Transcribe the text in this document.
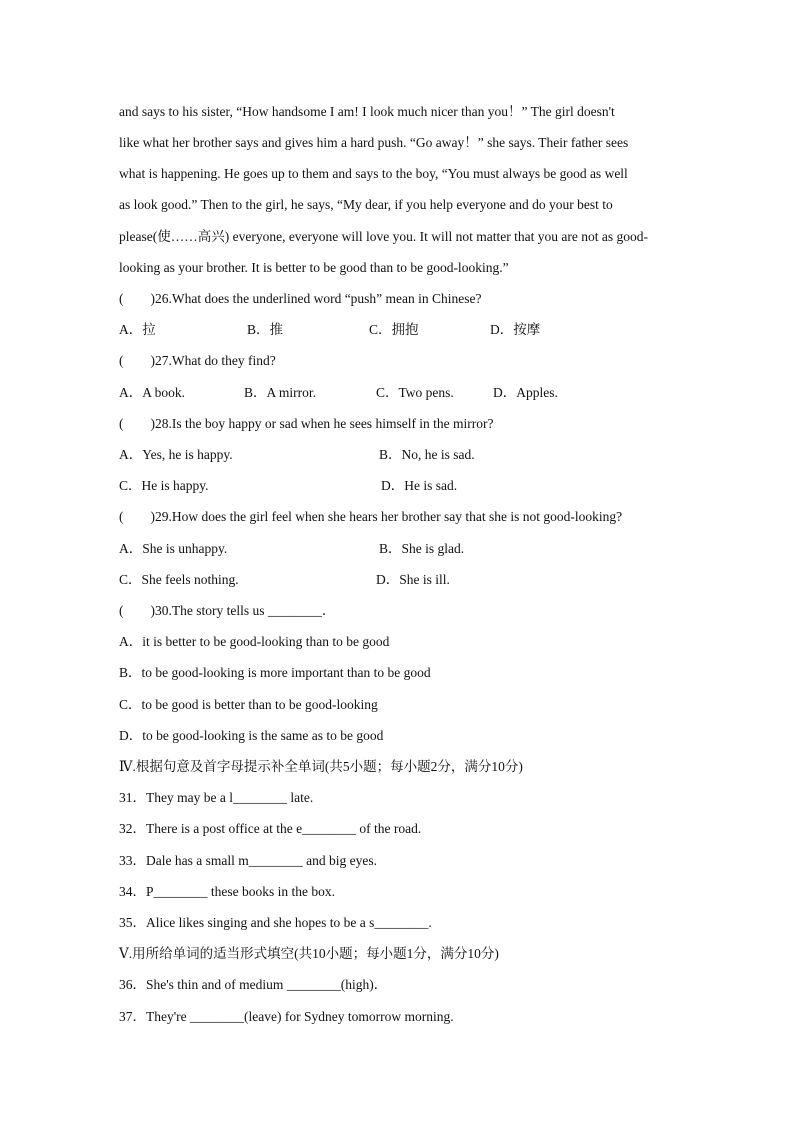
and says to his sister, “How handsome I am! I look much nicer than you！” The girl doesn't
like what her brother says and gives him a hard push. “Go away！” she says. Their father sees
what is happening. He goes up to them and says to the boy, “You must always be good as well
as look good.” Then to the girl, he says, “My dear, if you help everyone and do your best to
please(使……高兴) everyone, everyone will love you. It will not matter that you are not as good-
looking as your brother. It is better to be good than to be good-looking.”
(　　)26.What does the underlined word “push” mean in Chinese?
A．拉	B．推	C．拥抱	D．按摩
(　　)27.What do they find?
A．A book.	B．A mirror.	C．Two pens.	D．Apples.
(　　)28.Is the boy happy or sad when he sees himself in the mirror?
A．Yes, he is happy.	B．No, he is sad.
C．He is happy.	D．He is sad.
(　　)29.How does the girl feel when she hears her brother say that she is not good-looking?
A．She is unhappy.	B．She is glad.
C．She feels nothing.	D．She is ill.
(　　)30.The story tells us ________．
A．it is better to be good-looking than to be good
B．to be good-looking is more important than to be good
C．to be good is better than to be good-looking
D．to be good-looking is the same as to be good
Ⅳ.根据句意及首字母提示补全单词(共5小题；每小题2分，满分10分)
31．They may be a l________ late.
32．There is a post office at the e________ of the road.
33．Dale has a small m________ and big eyes.
34．P________ these books in the box.
35．Alice likes singing and she hopes to be a s________.
Ⅴ.用所给单词的适当形式填空(共10小题；每小题1分，满分10分)
36．She's thin and of medium ________(high)．
37．They're ________(leave) for Sydney tomorrow morning.
